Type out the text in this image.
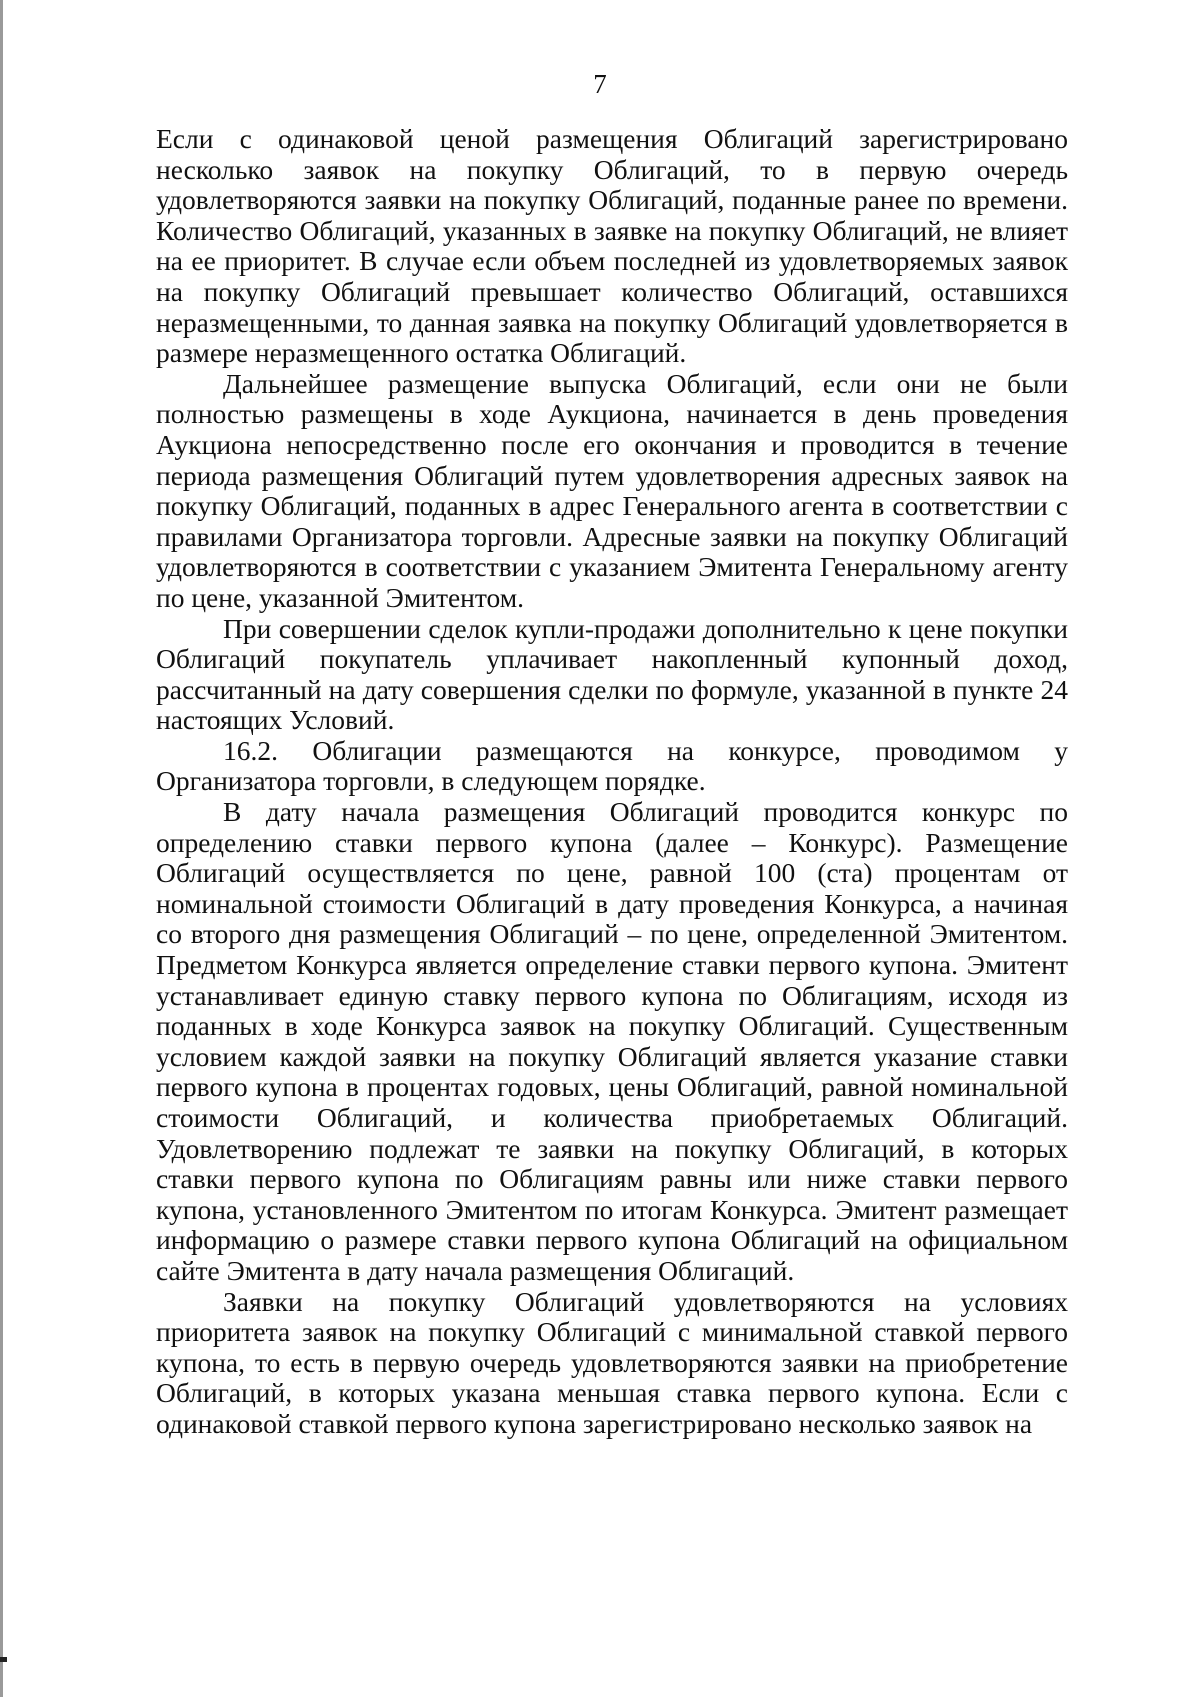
7

Если с одинаковой ценой размещения Облигаций зарегистрировано несколько заявок на покупку Облигаций, то в первую очередь удовлетворяются заявки на покупку Облигаций, поданные ранее по времени. Количество Облигаций, указанных в заявке на покупку Облигаций, не влияет на ее приоритет. В случае если объем последней из удовлетворяемых заявок на покупку Облигаций превышает количество Облигаций, оставшихся неразмещенными, то данная заявка на покупку Облигаций удовлетворяется в размере неразмещенного остатка Облигаций.

Дальнейшее размещение выпуска Облигаций, если они не были полностью размещены в ходе Аукциона, начинается в день проведения Аукциона непосредственно после его окончания и проводится в течение периода размещения Облигаций путем удовлетворения адресных заявок на покупку Облигаций, поданных в адрес Генерального агента в соответствии с правилами Организатора торговли. Адресные заявки на покупку Облигаций удовлетворяются в соответствии с указанием Эмитента Генеральному агенту по цене, указанной Эмитентом.

При совершении сделок купли-продажи дополнительно к цене покупки Облигаций покупатель уплачивает накопленный купонный доход, рассчитанный на дату совершения сделки по формуле, указанной в пункте 24 настоящих Условий.

16.2. Облигации размещаются на конкурсе, проводимом у Организатора торговли, в следующем порядке.

В дату начала размещения Облигаций проводится конкурс по определению ставки первого купона (далее – Конкурс). Размещение Облигаций осуществляется по цене, равной 100 (ста) процентам от номинальной стоимости Облигаций в дату проведения Конкурса, а начиная со второго дня размещения Облигаций – по цене, определенной Эмитентом. Предметом Конкурса является определение ставки первого купона. Эмитент устанавливает единую ставку первого купона по Облигациям, исходя из поданных в ходе Конкурса заявок на покупку Облигаций. Существенным условием каждой заявки на покупку Облигаций является указание ставки первого купона в процентах годовых, цены Облигаций, равной номинальной стоимости Облигаций, и количества приобретаемых Облигаций. Удовлетворению подлежат те заявки на покупку Облигаций, в которых ставки первого купона по Облигациям равны или ниже ставки первого купона, установленного Эмитентом по итогам Конкурса. Эмитент размещает информацию о размере ставки первого купона Облигаций на официальном сайте Эмитента в дату начала размещения Облигаций.

Заявки на покупку Облигаций удовлетворяются на условиях приоритета заявок на покупку Облигаций с минимальной ставкой первого купона, то есть в первую очередь удовлетворяются заявки на приобретение Облигаций, в которых указана меньшая ставка первого купона. Если с одинаковой ставкой первого купона зарегистрировано несколько заявок на
